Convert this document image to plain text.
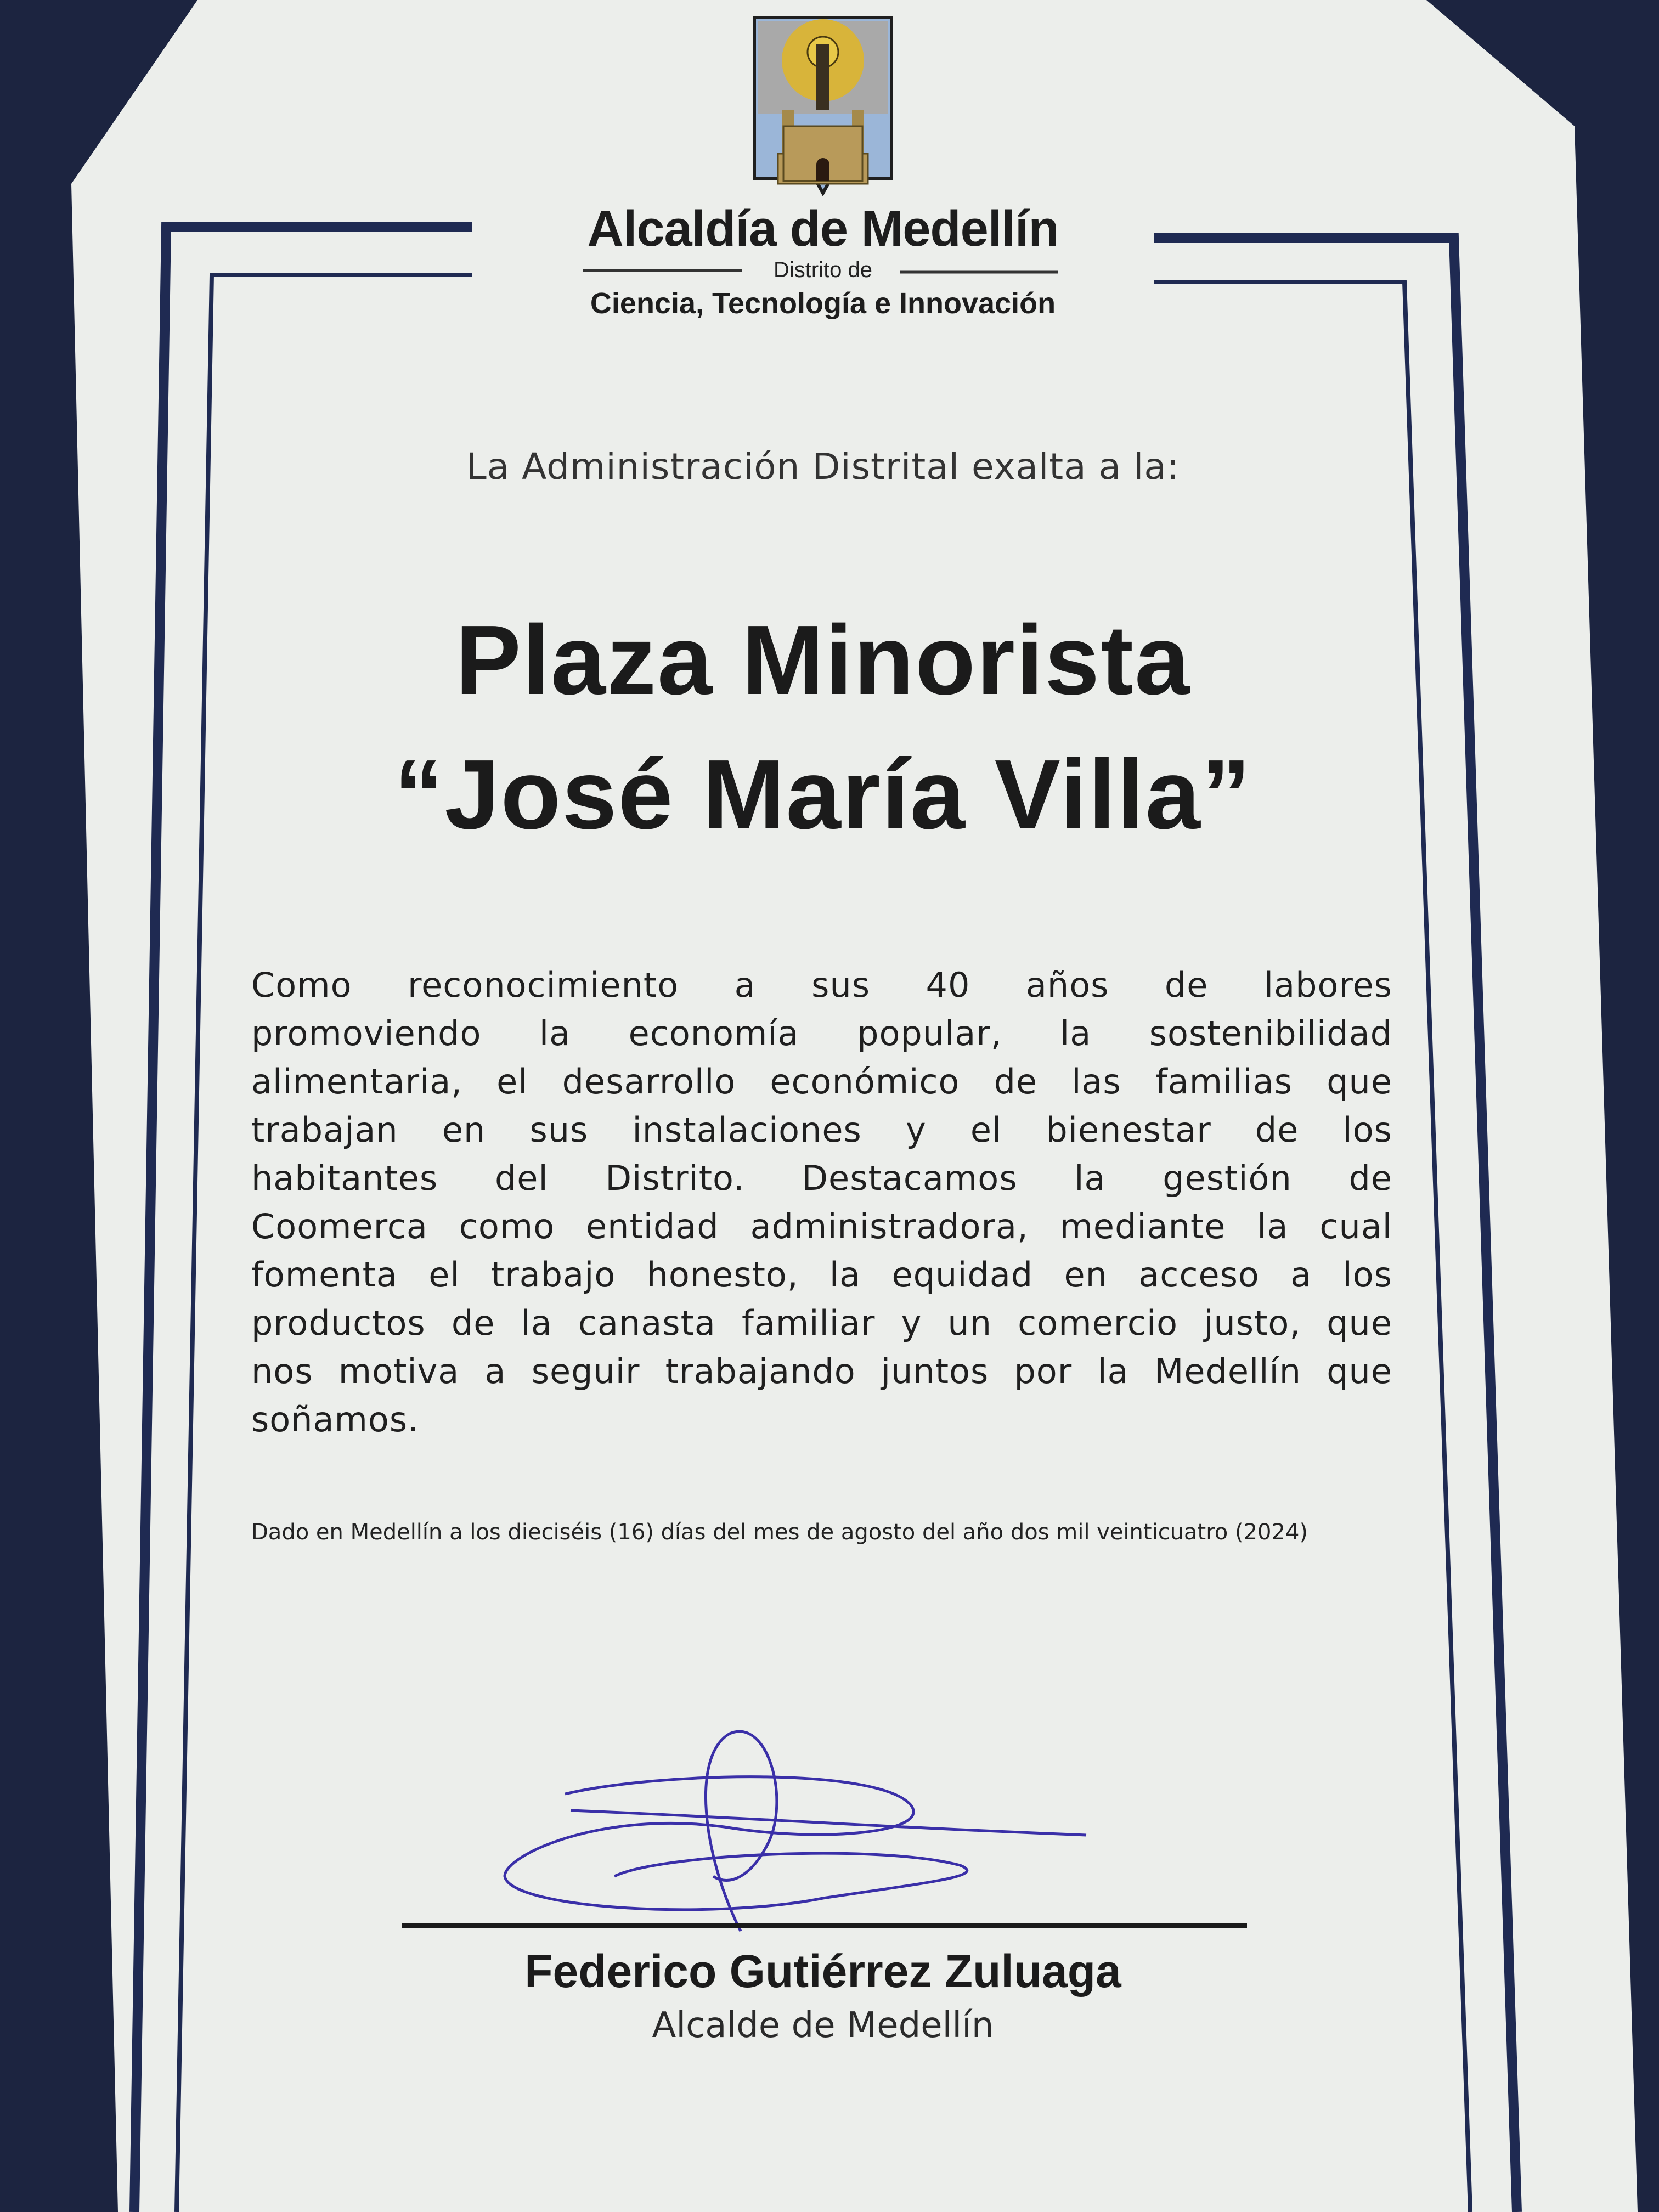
Alcaldía de Medellín
Distrito de
Ciencia, Tecnología e Innovación
La Administración Distrital exalta a la:
Plaza Minorista
“José María Villa”
Como reconocimiento a sus 40 años de labores
promoviendo la economía popular, la sostenibilidad
alimentaria, el desarrollo económico de las familias que
trabajan en sus instalaciones y el bienestar de los
habitantes del Distrito. Destacamos la gestión de
Coomerca como entidad administradora, mediante la cual
fomenta el trabajo honesto, la equidad en acceso a los
productos de la canasta familiar y un comercio justo, que
nos motiva a seguir trabajando juntos por la Medellín que
soñamos.
Dado en Medellín a los dieciséis (16) días del mes de agosto del año dos mil veinticuatro (2024)
Federico Gutiérrez Zuluaga
Alcalde de Medellín
